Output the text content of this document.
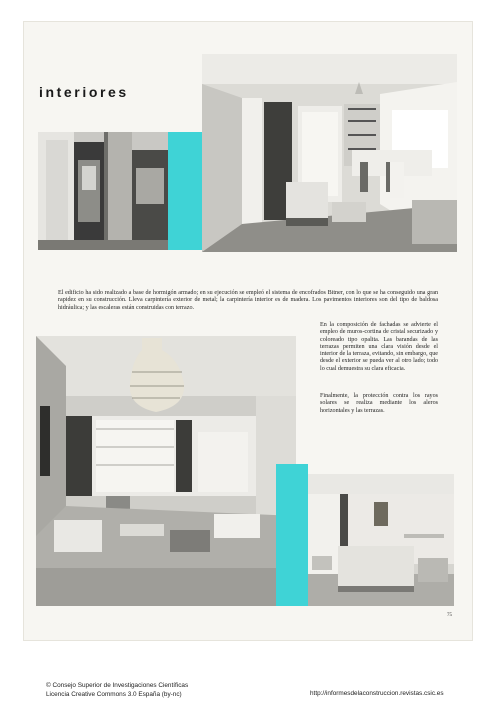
interiores

El edificio ha sido realizado a base de hormigón armado; en su ejecución se empleó el sistema de encofrados Bitner, con lo que se ha conseguido una gran rapidez en su construcción. Lleva carpintería exterior de metal; la carpintería interior es de madera. Los pavimentos interiores son del tipo de baldosa hidráulica; y las escaleras están construidas con terrazo.

En la composición de fachadas se advierte el empleo de muros-cortina de cristal securizado y coloreado tipo opalita. Las barandas de las terrazas permiten una clara visión desde el interior de la terraza, evitando, sin embargo, que desde el exterior se pueda ver al otro lado; todo lo cual demuestra su clara eficacia.

Finalmente, la protección contra los rayos solares se realiza mediante los aleros horizontales y las terrazas.

75
© Consejo Superior de Investigaciones Científicas
Licencia Creative Commons 3.0 España (by-nc)	http://informesdelaconstruccion.revistas.csic.es
